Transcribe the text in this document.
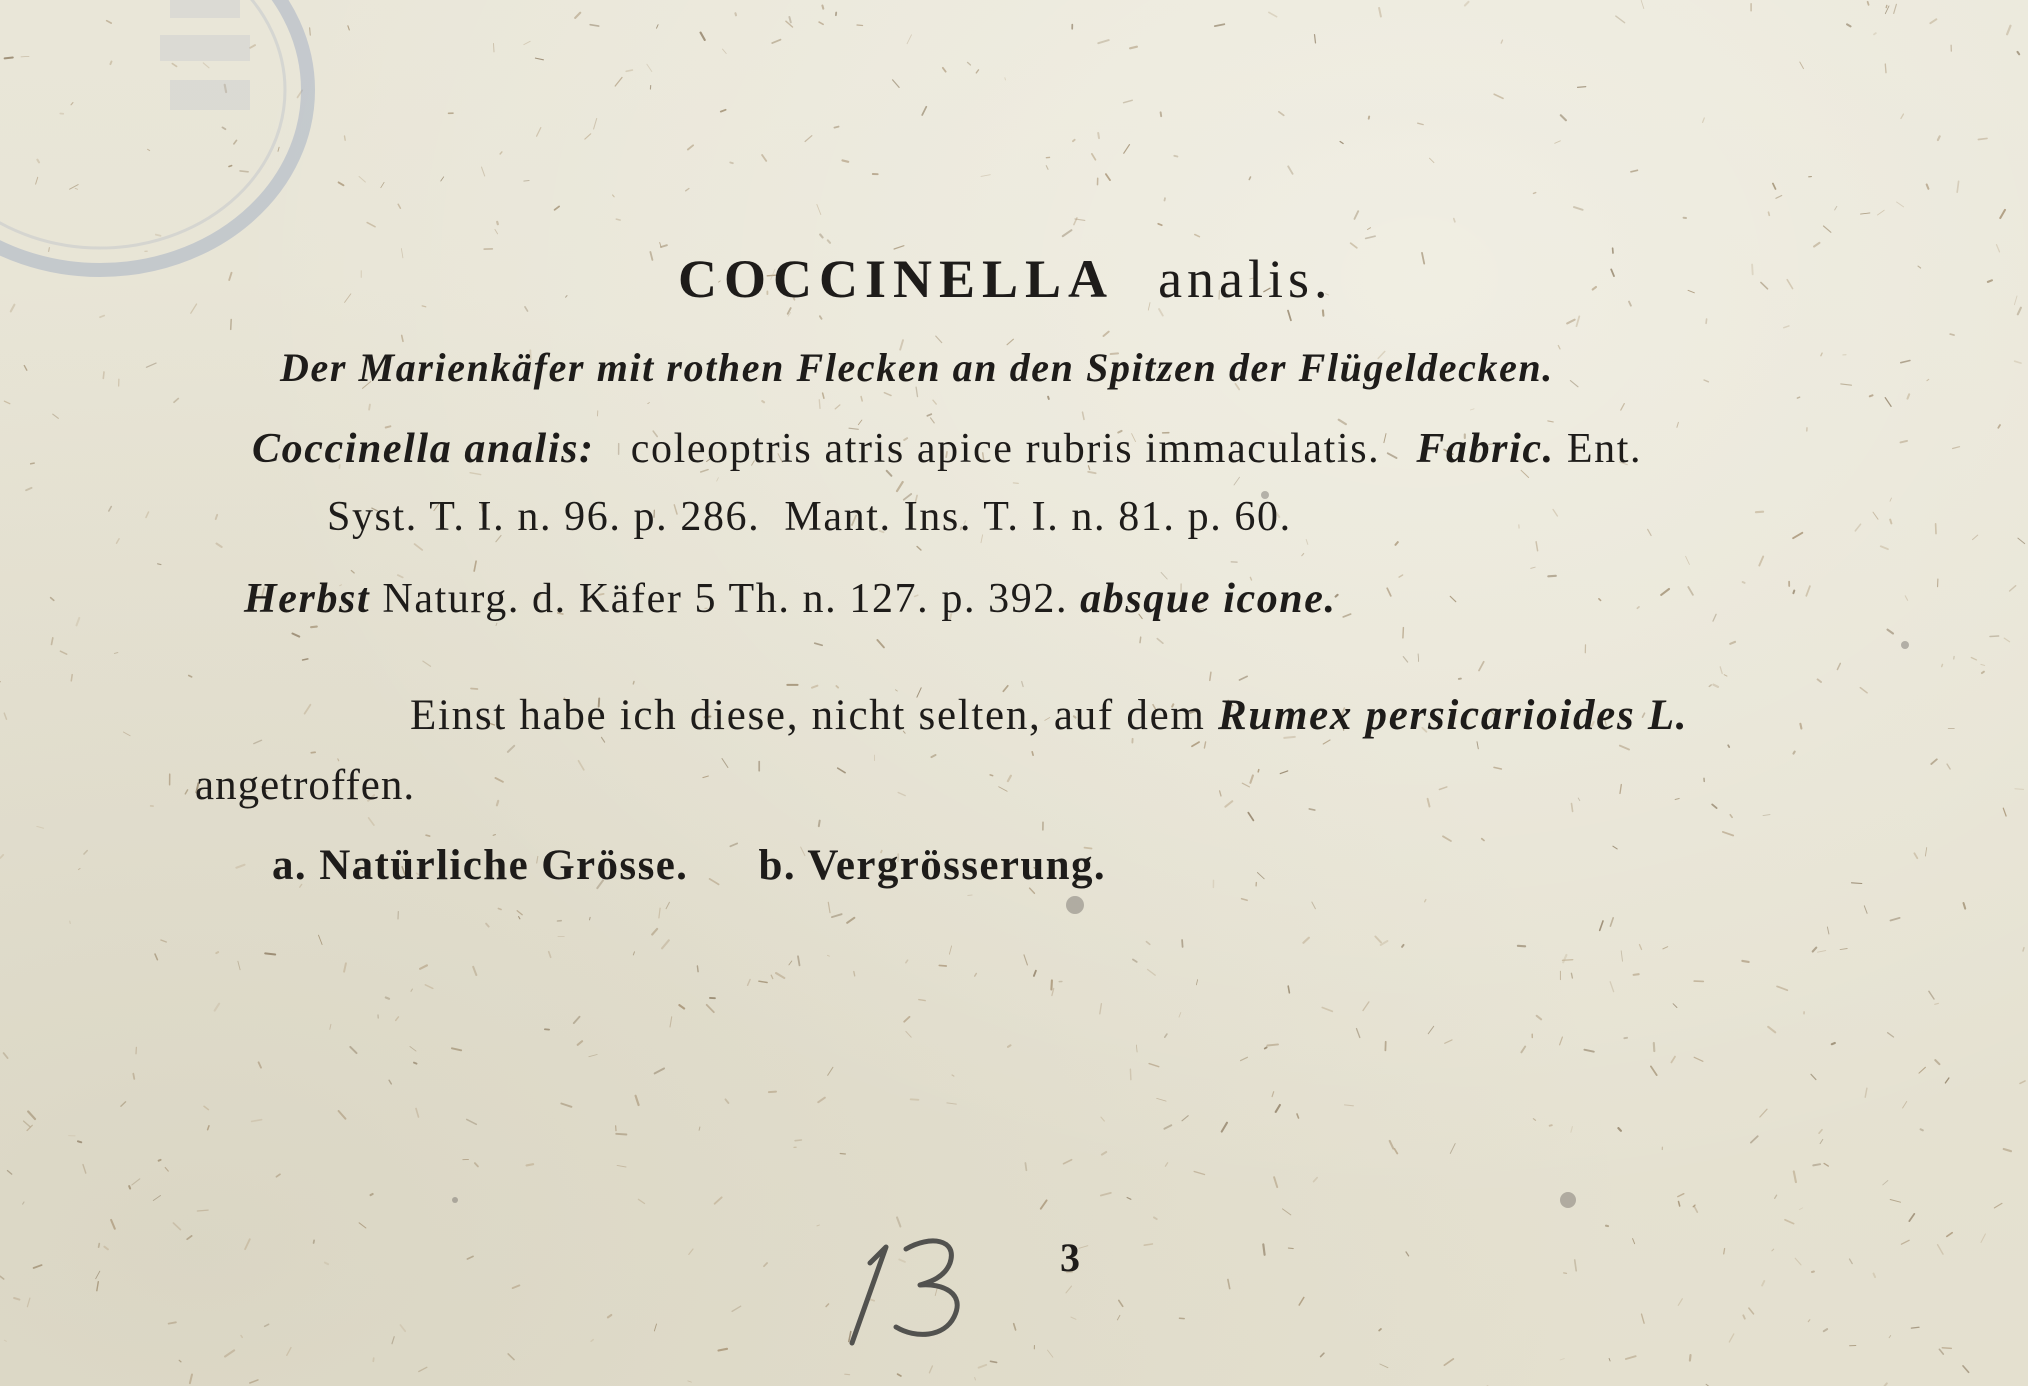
COCCINELLA analis.
Der Marienkäfer mit rothen Flecken an den Spitzen der Flügeldecken.
Coccinella analis: coleoptris atris apice rubris immaculatis. Fabric. Ent.
Syst. T. I. n. 96. p. 286.  Mant. Ins. T. I. n. 81. p. 60.
Herbst Naturg. d. Käfer 5 Th. n. 127. p. 392. absque icone.
Einst habe ich diese, nicht selten, auf dem Rumex persicarioides L.
angetroffen.
a. Natürliche Grösse. b. Vergrösserung.
3
